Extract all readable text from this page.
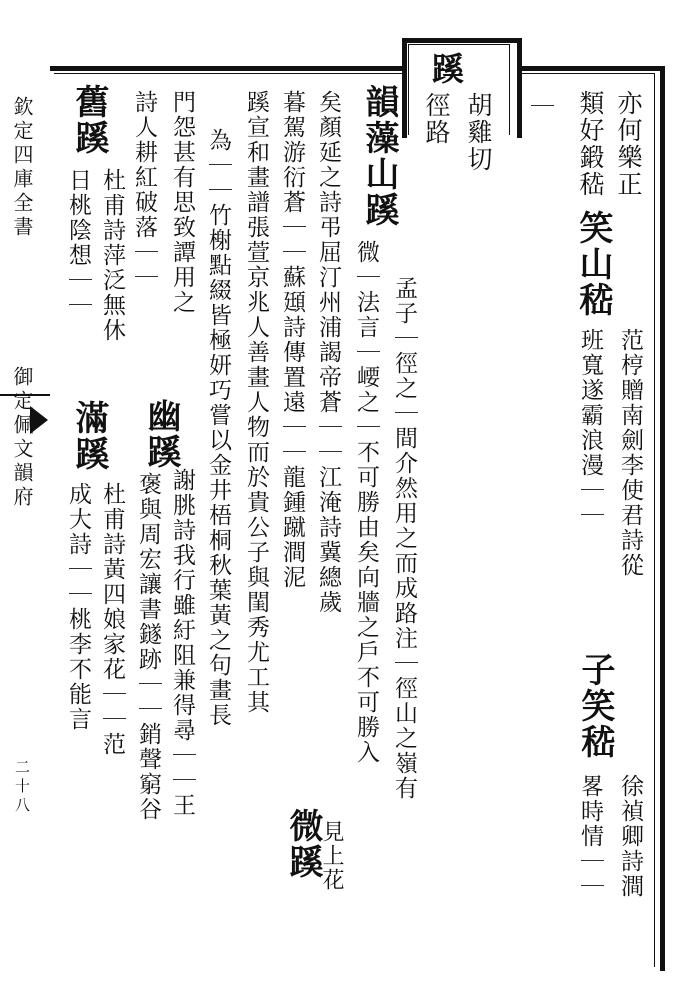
欽定四庫全書
御定佩文韻府
二十八
蹊
胡雞切
徑路	｜ 亦何樂正
類好鍛嵇
笑山嵇
范梈贈南劍李使君詩從
班寬遂霸浪漫｜｜
子笑嵇
徐禎卿詩澗
畧時情｜｜
韻藻山蹊
孟子｜徑之｜間介然用之而成路注｜徑山之嶺有
微｜法言｜崾之｜不可勝由矣向牆之戶不可勝入
矣顏延之詩弔屈汀州浦謁帝蒼｜｜江淹詩冀總歲
暮駕游衍蒼｜｜蘇頲詩傳置遠｜｜龍鍾蹴澗泥
微蹊
見上花
蹊宣和畫譜張萱京兆人善畫人物而於貴公子與閨秀尤工其
為｜｜竹榭點綴皆極妍巧嘗以金井梧桐秋葉黃之句畫長
門怨甚有思致譚用之
幽蹊
謝朓詩我行雖紆阻兼得尋｜｜王
褒與周宏讓書鐩跡｜｜銷聲窮谷
詩人耕紅破落｜｜
舊蹊
杜甫詩萍泛無休
日桃陰想｜｜
滿蹊
杜甫詩黃四娘家花｜｜范
成大詩｜｜桃李不能言
